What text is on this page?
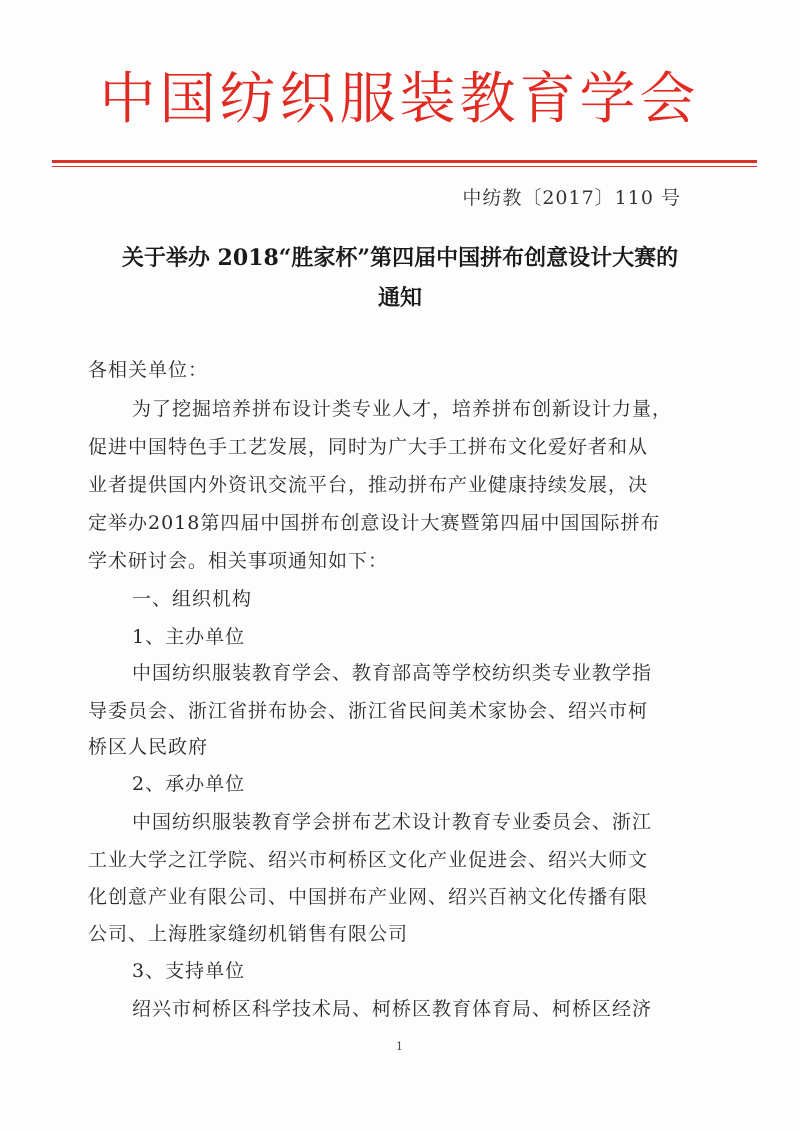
中国纺织服装教育学会
中纺教〔2017〕110 号
关于举办 2018“胜家杯”第四届中国拼布创意设计大赛的
通知
各相关单位：
为了挖掘培养拼布设计类专业人才，培养拼布创新设计力量，
促进中国特色手工艺发展，同时为广大手工拼布文化爱好者和从
业者提供国内外资讯交流平台，推动拼布产业健康持续发展，决
定举办2018第四届中国拼布创意设计大赛暨第四届中国国际拼布
学术研讨会。相关事项通知如下：
一、组织机构
1、主办单位
中国纺织服装教育学会、教育部高等学校纺织类专业教学指
导委员会、浙江省拼布协会、浙江省民间美术家协会、绍兴市柯
桥区人民政府
2、承办单位
中国纺织服装教育学会拼布艺术设计教育专业委员会、浙江
工业大学之江学院、绍兴市柯桥区文化产业促进会、绍兴大师文
化创意产业有限公司、中国拼布产业网、绍兴百衲文化传播有限
公司、上海胜家缝纫机销售有限公司
3、支持单位
绍兴市柯桥区科学技术局、柯桥区教育体育局、柯桥区经济
1
